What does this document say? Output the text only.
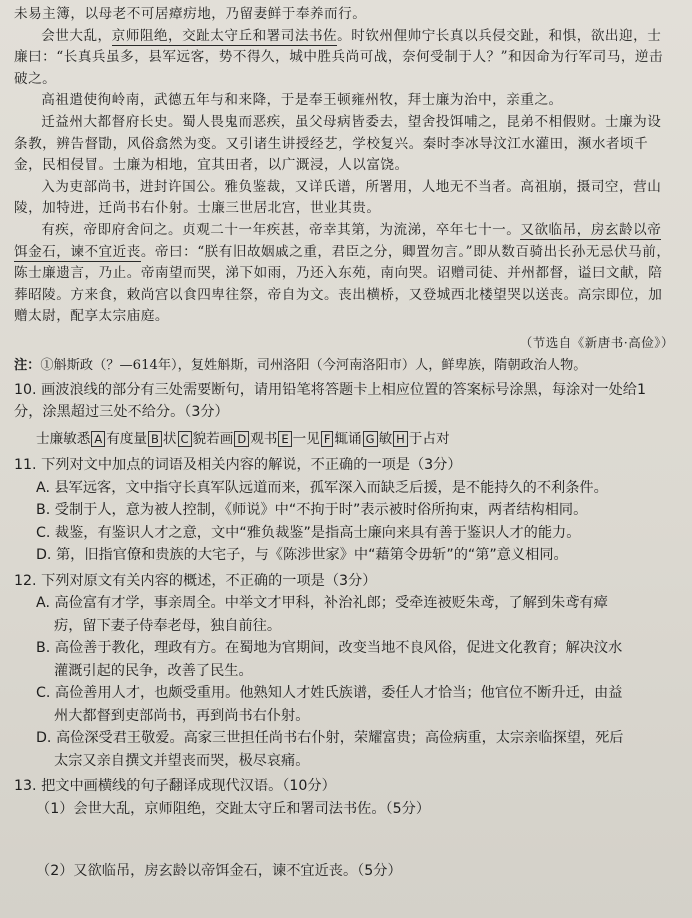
未易主簿，以母老不可居瘴疠地，乃留妻鲜于奉养而行。

会世大乱，京师阻绝，交趾太守丘和署司法书佐。时钦州俚帅宁长真以兵侵交趾，和惧，欲出迎，士廉曰：“长真兵虽多，县军远客，势不得久，城中胜兵尚可战，奈何受制于人？”和因命为行军司马，逆击破之。

高祖遣使徇岭南，武德五年与和来降，于是奉王顿雍州牧，拜士廉为治中，亲重之。

迁益州大都督府长史。蜀人畏鬼而恶疾，虽父母病皆委去，望舍投饵哺之，昆弟不相假财。士廉为设条教，辨告督勖，风俗翕然为变。又引诸生讲授经艺，学校复兴。秦时李冰导汶江水灌田，濒水者顷千金，民相侵冒。士廉为相地，宜其田者，以广溉浸，人以富饶。

入为吏部尚书，进封许国公。雅负鉴裁，又详氏谱，所署用，人地无不当者。高祖崩，摄司空，营山陵，加特进，迁尚书右仆射。士廉三世居北宫，世业其贵。

有疾，帝即府舍问之。贞观二十一年疾甚，帝幸其第，为流涕，卒年七十一。又欲临吊，房玄龄以帝饵金石，谏不宜近丧。帝曰：“朕有旧故姻戚之重，君臣之分，卿置勿言。”即从数百骑出长孙无忌伏马前，陈士廉遗言，乃止。帝南望而哭，涕下如雨，乃还入东苑，南向哭。诏赠司徒、并州都督，谥曰文献，陪葬昭陵。方来食，敕尚宫以食四卑往祭，帝自为文。丧出横桥，又登城西北楼望哭以送丧。高宗即位，加赠太尉，配享太宗庙庭。

（节选自《新唐书·高俭》）
注：①斛斯政（？—614年），复姓斛斯，司州洛阳（今河南洛阳市）人，鲜卑族，隋朝政治人物。
10. 画波浪线的部分有三处需要断句，请用铅笔将答题卡上相应位置的答案标号涂黑，每涂对一处给1分，涂黑超过三处不给分。（3分）
士廉敏悉 A 有度量 B 状 C 貌若画 D 观书 E 一见 F 辄诵 G 敏 H 于占对
11. 下列对文中加点的词语及相关内容的解说，不正确的一项是（3分）
A. 县军远客，文中指守长真军队远道而来，孤军深入而缺乏后援，是不能持久的不利条件。
B. 受制于人，意为被人控制，《师说》中“不拘于时”表示被时俗所拘束，两者结构相同。
C. 裁鉴，有鉴识人才之意，文中“雅负裁鉴”是指高士廉向来具有善于鉴识人才的能力。
D. 第，旧指官僚和贵族的大宅子，与《陈涉世家》中“藉第令毋斩”的“第”意义相同。
12. 下列对原文有关内容的概述，不正确的一项是（3分）
A. 高俭富有才学，事亲周全。中举文才甲科，补治礼郎；受牵连被贬朱鸢，了解到朱鸢有瘴
疠，留下妻子侍奉老母，独自前往。
B. 高俭善于教化，理政有方。在蜀地为官期间，改变当地不良风俗，促进文化教育；解决汶水
灌溉引起的民争，改善了民生。
C. 高俭善用人才，也颇受重用。他熟知人才姓氏族谱，委任人才恰当；他官位不断升迁，由益
州大都督到吏部尚书，再到尚书右仆射。
D. 高俭深受君王敬爱。高家三世担任尚书右仆射，荣耀富贵；高俭病重，太宗亲临探望，死后
太宗又亲自撰文并望丧而哭，极尽哀痛。
13. 把文中画横线的句子翻译成现代汉语。（10分）
（1）会世大乱，京师阻绝，交趾太守丘和署司法书佐。（5分）
（2）又欲临吊，房玄龄以帝饵金石，谏不宜近丧。（5分）
